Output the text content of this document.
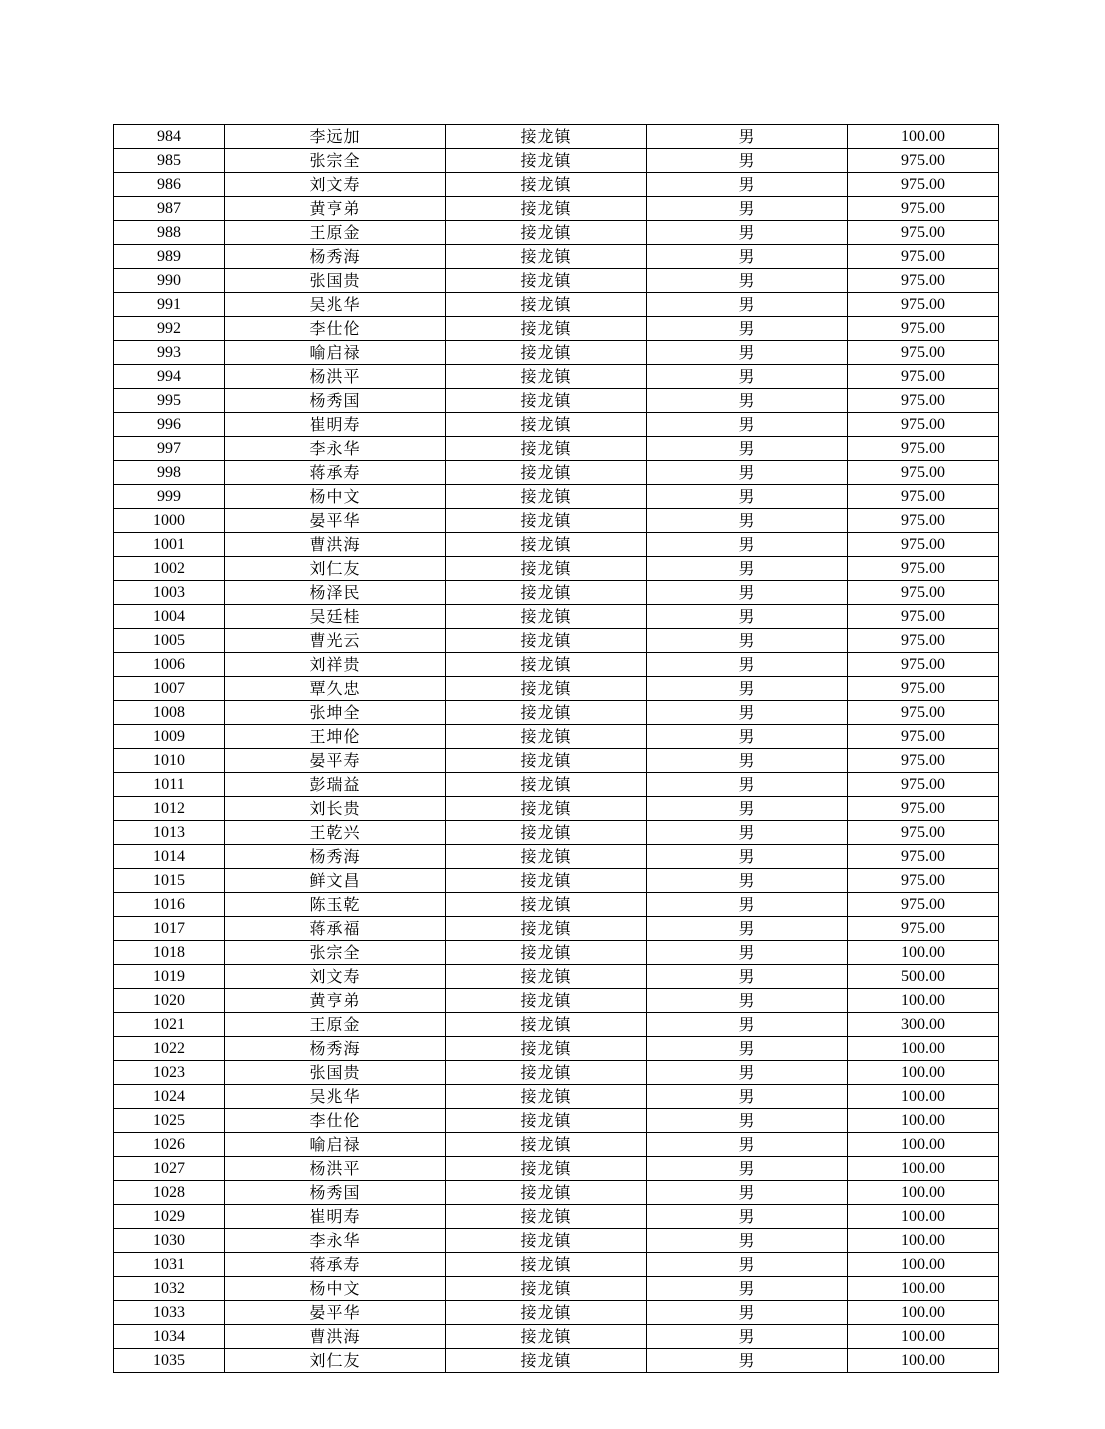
984	李远加	接龙镇	男	100.00
985	张宗全	接龙镇	男	975.00
986	刘文寿	接龙镇	男	975.00
987	黄亨弟	接龙镇	男	975.00
988	王原金	接龙镇	男	975.00
989	杨秀海	接龙镇	男	975.00
990	张国贵	接龙镇	男	975.00
991	吴兆华	接龙镇	男	975.00
992	李仕伦	接龙镇	男	975.00
993	喻启禄	接龙镇	男	975.00
994	杨洪平	接龙镇	男	975.00
995	杨秀国	接龙镇	男	975.00
996	崔明寿	接龙镇	男	975.00
997	李永华	接龙镇	男	975.00
998	蒋承寿	接龙镇	男	975.00
999	杨中文	接龙镇	男	975.00
1000	晏平华	接龙镇	男	975.00
1001	曹洪海	接龙镇	男	975.00
1002	刘仁友	接龙镇	男	975.00
1003	杨泽民	接龙镇	男	975.00
1004	吴廷桂	接龙镇	男	975.00
1005	曹光云	接龙镇	男	975.00
1006	刘祥贵	接龙镇	男	975.00
1007	覃久忠	接龙镇	男	975.00
1008	张坤全	接龙镇	男	975.00
1009	王坤伦	接龙镇	男	975.00
1010	晏平寿	接龙镇	男	975.00
1011	彭瑞益	接龙镇	男	975.00
1012	刘长贵	接龙镇	男	975.00
1013	王乾兴	接龙镇	男	975.00
1014	杨秀海	接龙镇	男	975.00
1015	鲜文昌	接龙镇	男	975.00
1016	陈玉乾	接龙镇	男	975.00
1017	蒋承福	接龙镇	男	975.00
1018	张宗全	接龙镇	男	100.00
1019	刘文寿	接龙镇	男	500.00
1020	黄亨弟	接龙镇	男	100.00
1021	王原金	接龙镇	男	300.00
1022	杨秀海	接龙镇	男	100.00
1023	张国贵	接龙镇	男	100.00
1024	吴兆华	接龙镇	男	100.00
1025	李仕伦	接龙镇	男	100.00
1026	喻启禄	接龙镇	男	100.00
1027	杨洪平	接龙镇	男	100.00
1028	杨秀国	接龙镇	男	100.00
1029	崔明寿	接龙镇	男	100.00
1030	李永华	接龙镇	男	100.00
1031	蒋承寿	接龙镇	男	100.00
1032	杨中文	接龙镇	男	100.00
1033	晏平华	接龙镇	男	100.00
1034	曹洪海	接龙镇	男	100.00
1035	刘仁友	接龙镇	男	100.00
